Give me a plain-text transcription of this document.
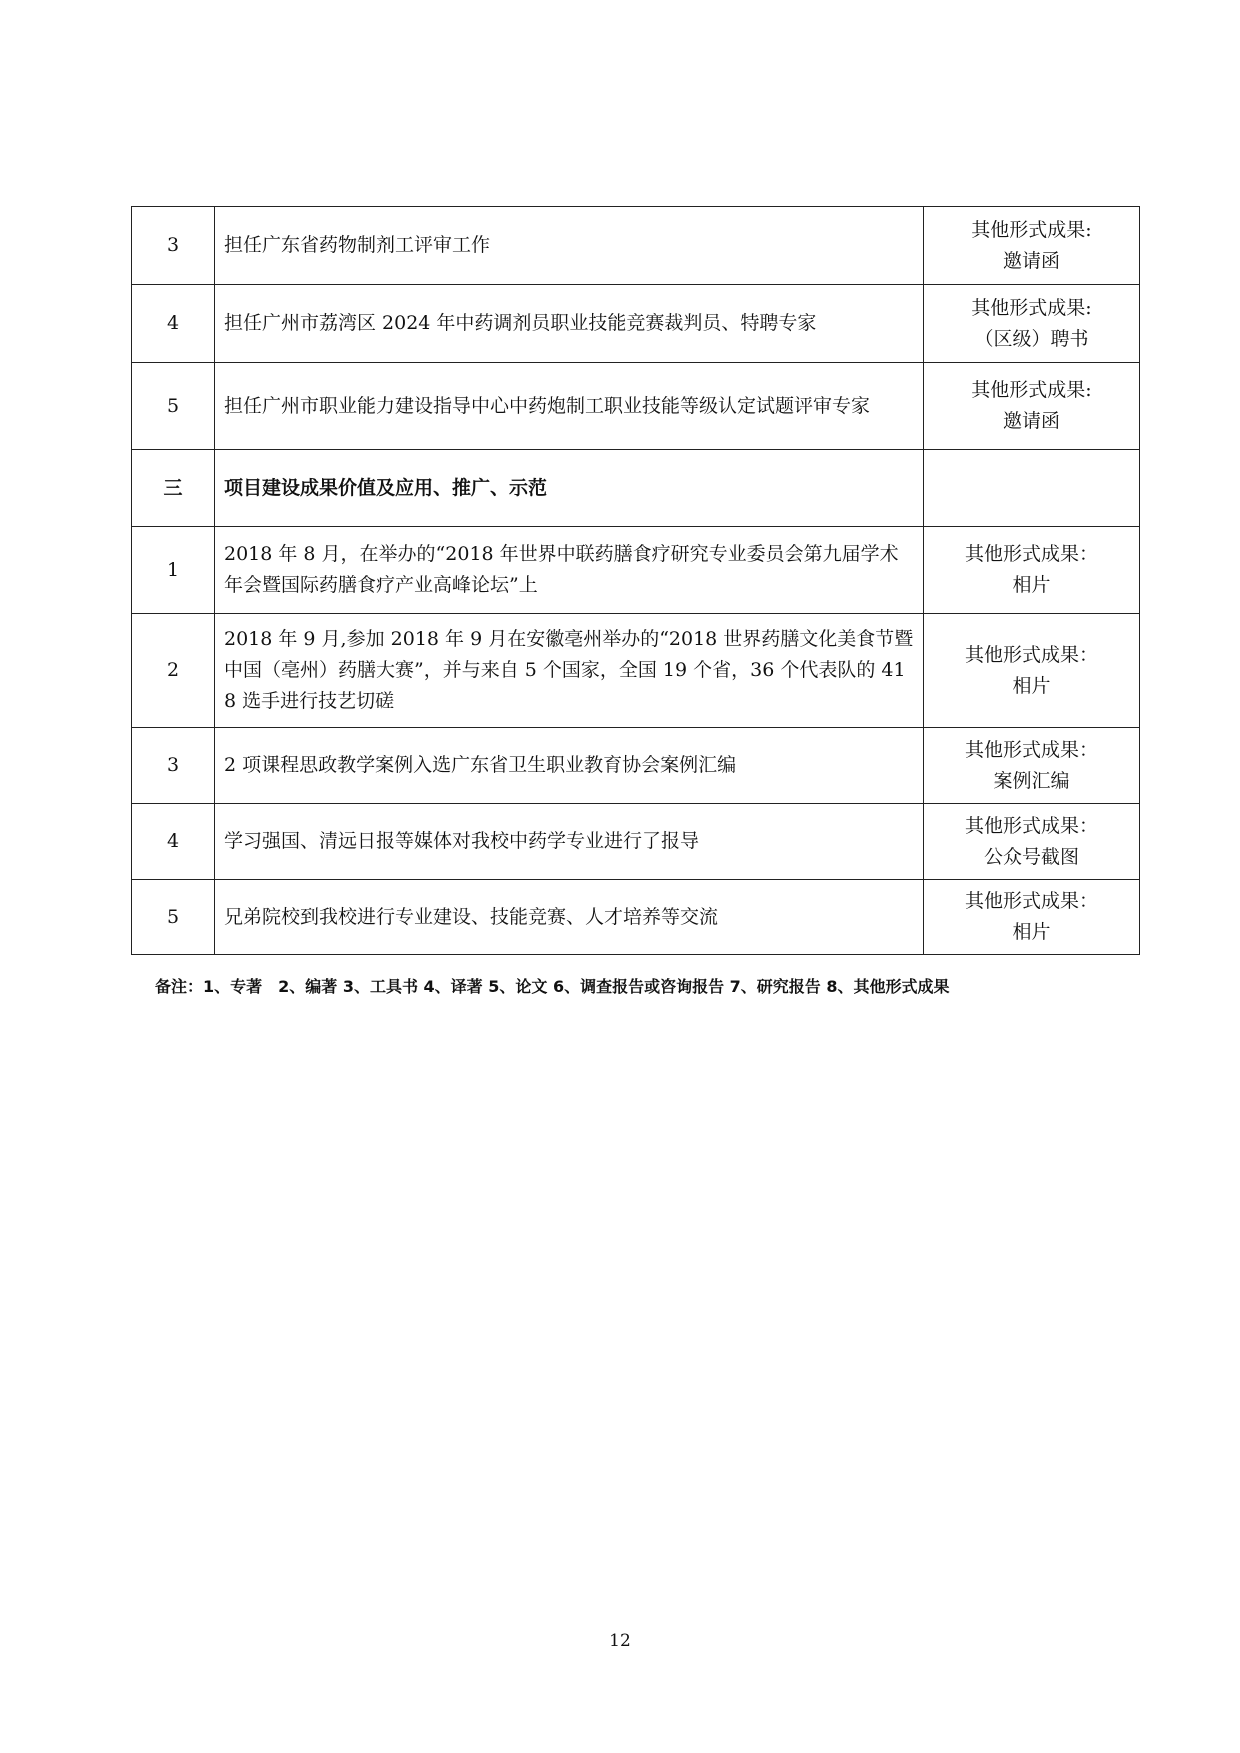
3	担任广东省药物制剂工评审工作	其他形式成果:
邀请函

4	担任广州市荔湾区 2024 年中药调剂员职业技能竞赛裁判员、特聘专家	其他形式成果:
（区级）聘书

5	担任广州市职业能力建设指导中心中药炮制工职业技能等级认定试题评审专家	其他形式成果:
邀请函

三	项目建设成果价值及应用、推广、示范	
1	2018 年 8 月，在举办的“2018 年世界中联药膳食疗研究专业委员会第九届学术年会暨国际药膳食疗产业高峰论坛”上	其他形式成果：
相片

2	2018 年 9 月,参加 2018 年 9 月在安徽亳州举办的“2018 世界药膳文化美食节暨中国（亳州）药膳大赛”，并与来自 5 个国家，全国 19 个省，36 个代表队的 418 选手进行技艺切磋	其他形式成果：
相片

3	2 项课程思政教学案例入选广东省卫生职业教育协会案例汇编	其他形式成果：
案例汇编

4	学习强国、清远日报等媒体对我校中药学专业进行了报导	其他形式成果：
公众号截图

5	兄弟院校到我校进行专业建设、技能竞赛、人才培养等交流	其他形式成果：
相片
备注：1、专著　2、编著 3、工具书 4、译著 5、论文 6、调查报告或咨询报告 7、研究报告 8、其他形式成果
12
